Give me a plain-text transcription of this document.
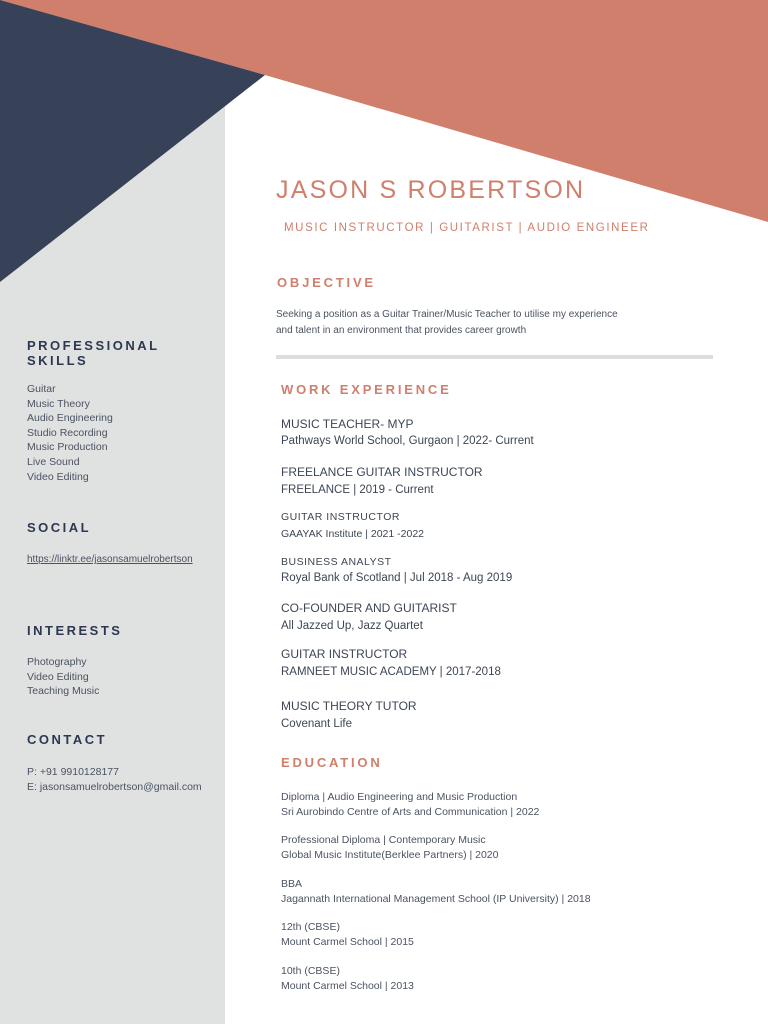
JASON S ROBERTSON
MUSIC INSTRUCTOR | GUITARIST | AUDIO ENGINEER
PROFESSIONAL SKILLS
Guitar
Music Theory
Audio Engineering
Studio Recording
Music Production
Live Sound
Video Editing
SOCIAL
https://linktr.ee/jasonsamuelrobertson
INTERESTS
Photography
Video Editing
Teaching Music
CONTACT
P: +91 9910128177
E: jasonsamuelrobertson@gmail.com
OBJECTIVE
Seeking a position as a Guitar Trainer/Music Teacher to utilise my experience
and talent in an environment that provides career growth
WORK EXPERIENCE
MUSIC TEACHER- MYP
Pathways World School, Gurgaon | 2022- Current
FREELANCE GUITAR INSTRUCTOR
FREELANCE | 2019 - Current
GUITAR INSTRUCTOR
GAAYAK Institute | 2021 -2022
BUSINESS ANALYST
Royal Bank of Scotland | Jul 2018 - Aug 2019
CO-FOUNDER AND GUITARIST
All Jazzed Up, Jazz Quartet
GUITAR INSTRUCTOR
RAMNEET MUSIC ACADEMY | 2017-2018
MUSIC THEORY TUTOR
Covenant Life
EDUCATION
Diploma | Audio Engineering and Music Production
Sri Aurobindo Centre of Arts and Communication | 2022
Professional Diploma | Contemporary Music
Global Music Institute(Berklee Partners) | 2020
BBA
Jagannath International Management School (IP University) | 2018
12th (CBSE)
Mount Carmel School | 2015
10th (CBSE)
Mount Carmel School | 2013
